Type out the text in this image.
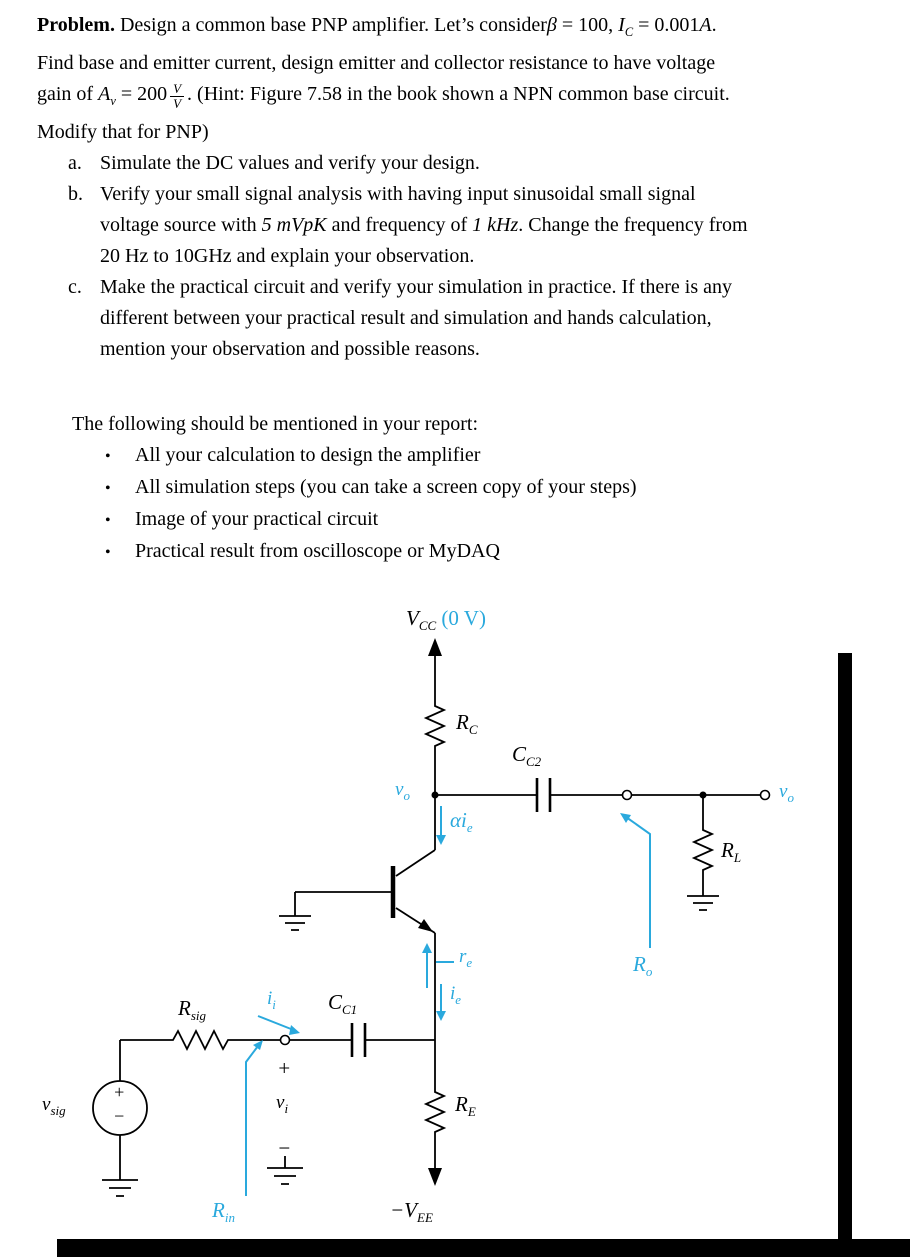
Problem. Design a common base PNP amplifier. Let’s considerβ = 100, $I_C = 0.001A$.
Find base and emitter current, design emitter and collector resistance to have voltage
gain of $A_v = 200 \frac{V}{V}$ . (Hint: Figure 7.58 in the book shown a NPN common base circuit.
Modify that for PNP)
a. Simulate the DC values and verify your design.
b. Verify your small signal analysis with having input sinusoidal small signal
voltage source with 5 mVpK and frequency of 1 kHz. Change the frequency from
20 Hz to 10GHz and explain your observation.
c. Make the practical circuit and verify your simulation in practice. If there is any
different between your practical result and simulation and hands calculation,
mention your observation and possible reasons.
The following should be mentioned in your report:
• All your calculation to design the amplifier
• All simulation steps (you can take a screen copy of your steps)
• Image of your practical circuit
• Practical result from oscilloscope or MyDAQ
$V_{CC}$ (0 V)
$R_C$
$C_{C2}$
$v_o$	$v_o$
$\alpha i_e$
$R_L$
$R_o$
$r_e$
$i_e$
$C_{C1}$
$i_i$
$R_{sig}$
+
$v_i$
−
$R_{in}$
$v_{sig}$
+
−	$R_E$
$-V_{EE}$
